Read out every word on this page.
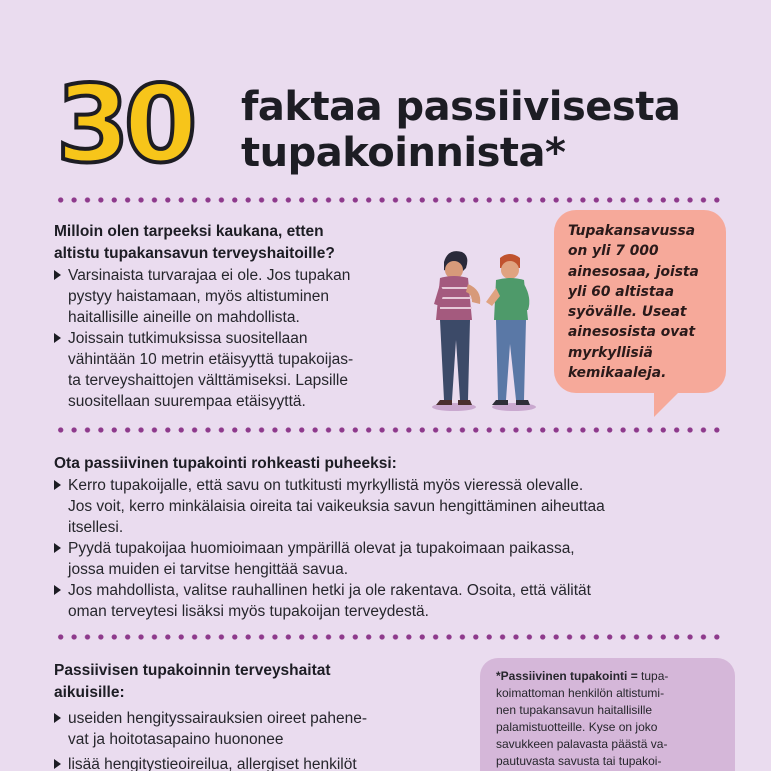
30 faktaa passiivisesta
tupakoinnista*
Milloin olen tarpeeksi kaukana, etten
altistu tupakansavun terveyshaitoille?
Varsinaista turvarajaa ei ole. Jos tupakan
pystyy haistamaan, myös altistuminen
haitallisille aineille on mahdollista.
Joissain tutkimuksissa suositellaan
vähintään 10 metrin etäisyyttä tupakoijas-
ta terveyshaittojen välttämiseksi. Lapsille
suositellaan suurempaa etäisyyttä.

Tupakansavussa
on yli 7 000
ainesosaa, joista
yli 60 altistaa
syövälle. Useat
ainesosista ovat
myrkyllisiä
kemikaaleja.

Ota passiivinen tupakointi rohkeasti puheeksi:
Kerro tupakoijalle, että savu on tutkitusti myrkyllistä myös vieressä olevalle.
Jos voit, kerro minkälaisia oireita tai vaikeuksia savun hengittäminen aiheuttaa
itsellesi.
Pyydä tupakoijaa huomioimaan ympärillä olevat ja tupakoimaan paikassa,
jossa muiden ei tarvitse hengittää savua.
Jos mahdollista, valitse rauhallinen hetki ja ole rakentava. Osoita, että välität
oman terveytesi lisäksi myös tupakoijan terveydestä.
Passiivisen tupakoinnin terveyshaitat
aikuisille:
useiden hengityssairauksien oireet pahene-
vat ja hoitotasapaino huononee
lisää hengitystieoireilua, allergiset henkilöt

*Passiivinen tupakointi = tupa-
koimattoman henkilön altistumi-
nen tupakansavun haitallisille
palamistuotteille. Kyse on joko
savukkeen palavasta päästä va-
pautuvasta savusta tai tupakoi-
